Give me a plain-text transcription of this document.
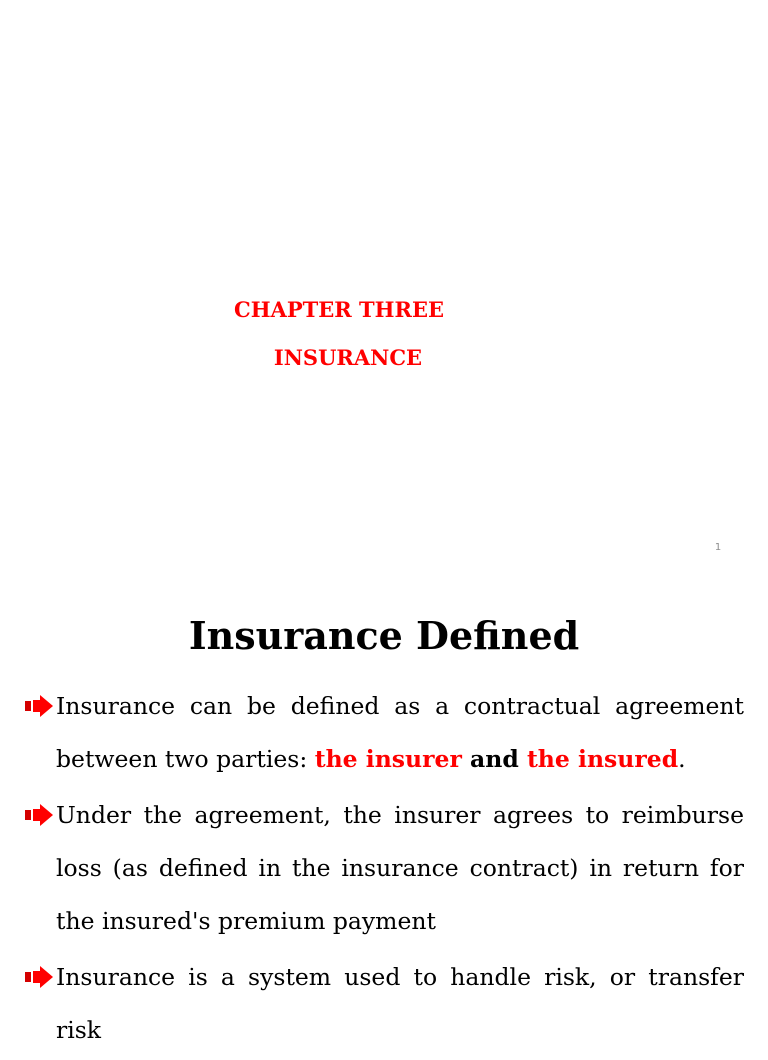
CHAPTER THREE
INSURANCE
1
Insurance Defined
Insurance can be defined as a contractual agreement between two parties: the insurer and the insured.
Under the agreement, the insurer agrees to reimburse loss (as defined in the insurance contract) in return for the insured's premium payment
Insurance is a system used to handle risk, or transfer risk
